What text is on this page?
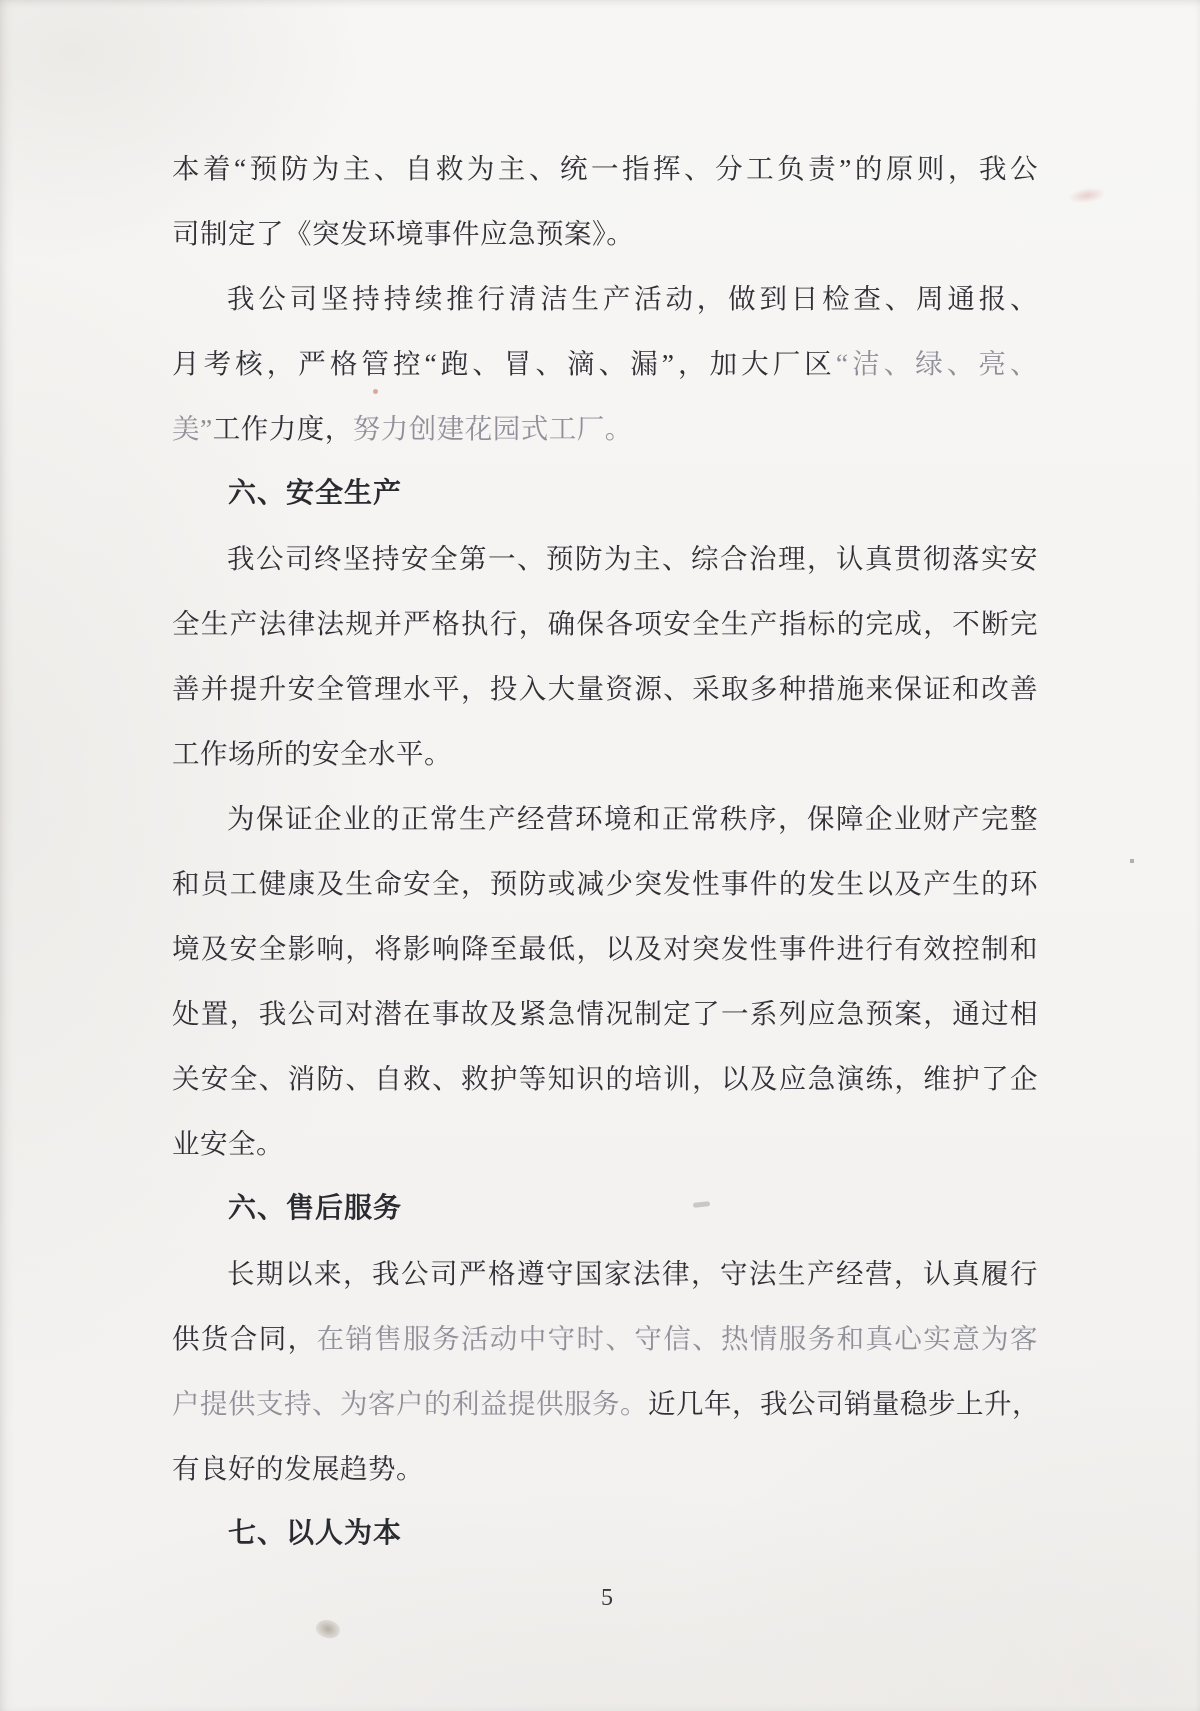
本着“预防为主、自救为主、统一指挥、分工负责”的原则，我公
司制定了《突发环境事件应急预案》。
我公司坚持持续推行清洁生产活动，做到日检查、周通报、
月考核，严格管控“跑、冒、滴、漏”，加大厂区“洁、绿、亮、
美”工作力度，努力创建花园式工厂。
六、安全生产
我公司终坚持安全第一、预防为主、综合治理，认真贯彻落实安
全生产法律法规并严格执行，确保各项安全生产指标的完成，不断完
善并提升安全管理水平，投入大量资源、采取多种措施来保证和改善
工作场所的安全水平。
为保证企业的正常生产经营环境和正常秩序，保障企业财产完整
和员工健康及生命安全，预防或减少突发性事件的发生以及产生的环
境及安全影响，将影响降至最低，以及对突发性事件进行有效控制和
处置，我公司对潜在事故及紧急情况制定了一系列应急预案，通过相
关安全、消防、自救、救护等知识的培训，以及应急演练，维护了企
业安全。
六、售后服务
长期以来，我公司严格遵守国家法律，守法生产经营，认真履行
供货合同，在销售服务活动中守时、守信、热情服务和真心实意为客
户提供支持、为客户的利益提供服务。近几年，我公司销量稳步上升，
有良好的发展趋势。
七、以人为本
5
